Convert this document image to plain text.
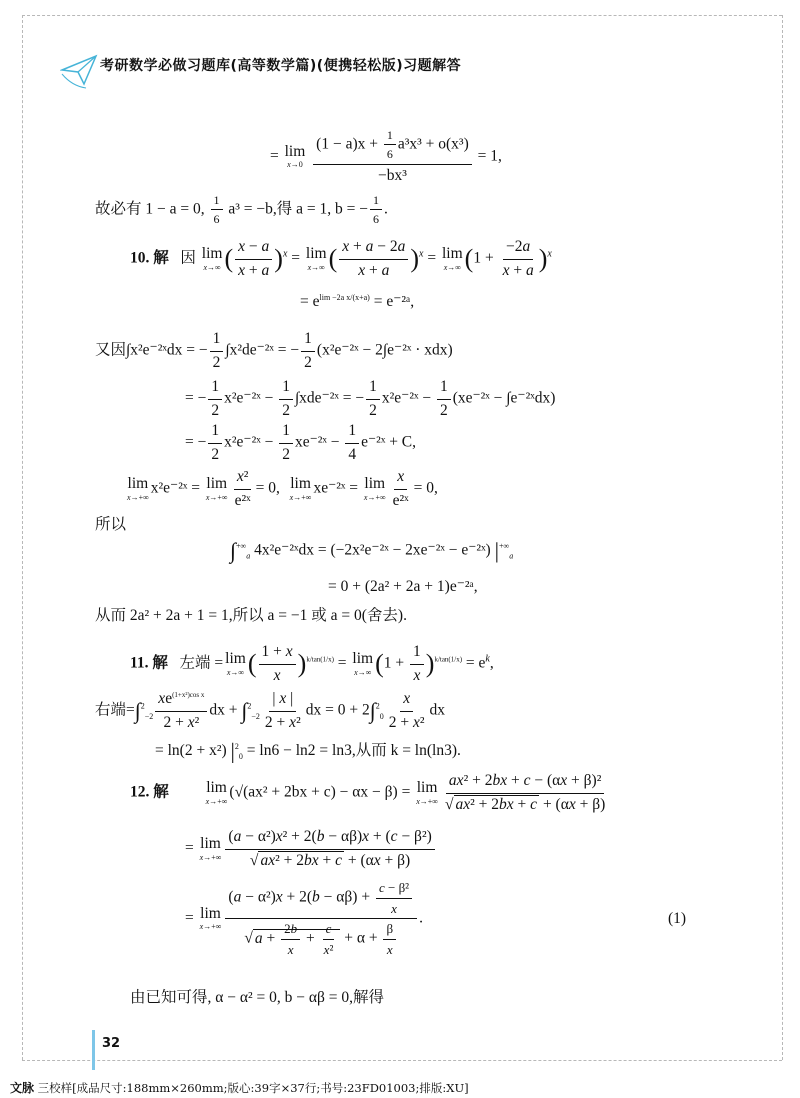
考研数学必做习题库(高等数学篇)(便携轻松版)习题解答
= lim
x→0
$\frac{(1 - a)x + \frac{1}{6} a^3x^3 + o(x^3)}{\text{−bx³}} = 1$,
故必有 1 − a = 0, $\frac{1}{6} a^3 = -b$,得 a = 1, b = − $\frac{1}{6}$ .
10. 解 因 lim
x→∞ ( $\frac{x - a}{x + a} )^x = \lim$
x→∞ ( $\frac{x + a - 2a}{x + a} )^x = \lim$
x→∞ $(1 + \frac{-2a}{x + a} )^x$
= $e^{lim -2a x/(x+a)}$ = e⁻²ᵃ,
又因∫x²e⁻²ˣdx = − $\frac{1}{2}$ ∫x²de⁻²ˣ = − $\frac{1}{2}$ (x²e⁻²ˣ − 2∫e⁻²ˣ · xdx)
= − $\frac{1}{2}$ x²e⁻²ˣ − $\frac{1}{2}$ ∫xde⁻²ˣ = − $\frac{1}{2}$ x²e⁻²ˣ − $\frac{1}{2}$ (xe⁻²ˣ − ∫e⁻²ˣdx)
= − $\frac{1}{2}$ x²e⁻²ˣ − $\frac{1}{2}$ xe⁻²ˣ − $\frac{1}{4}$ e⁻²ˣ + C,
lim
x→+∞
x²e⁻²ˣ = lim
$x\to+\infty \frac{\text{x²}}{\text{e²ˣ}} = 0$, lim
x→+∞
xe⁻²ˣ = lim
$x\to+\infty \frac{x}{\text{e²ˣ}} = 0$,
所以
$\int^{+\infty}_a$ 4x²e⁻²ˣdx = (−2x²e⁻²ˣ − 2xe⁻²ˣ − e⁻²ˣ) $|^{+\infty}_a$
= 0 + (2a² + 2a + 1)e⁻²ᵃ,
从而 2a² + 2a + 1 = 1,所以 a = −1 或 a = 0(舍去).
11. 解 左端 = lim
x→∞ ( $\frac{1 + x}{x} )^{k/tan(1/x)} = \lim$
x→∞ $(1 + \frac{1}{x} )^{k/tan(1/x)} = e^k$,
右端$=\int^2_{-2} \frac{xe^{(1+x^2)cos x}}{\text{2 + x²}}$ dx + $\int^2_{-2} \frac{| x |}{\text{2 + x²}}$ dx = $0 + 2\int^2_0 \frac{x}{\text{2 + x²}}$ dx
= ln(2 + x²) $|^2_0 = \ln 6 - \ln 2 = \ln 3$,从而 k = ln(ln3).
12. 解 lim
x→+∞
(√(ax² + 2bx + c) − αx − β) = lim
$x\to+\infty \frac{\text{ax² + 2bx + c − (αx + β)²}}{\text{√ ax² + 2bx + c + (αx + β)}}$
= lim
$x\to+\infty \frac{\text{(a − α²)x² + 2(b − αβ)x + (c − β²)}}{\text{√ ax² + 2bx + c + (αx + β)}}$
= lim
$x\to+\infty \frac{(a - \alpha^2)x + 2(b - \alpha\beta) + \frac{\text{c − β²}}{x}}{√ a + \frac{2b}{x} + \frac{c}{\text{x²}} + \alpha + \frac{\beta}{x}}$ .	(1)
由已知可得, α − α² = 0, b − αβ = 0,解得
32
文脉 三校样[成品尺寸:188mm×260mm;版心:39字×37行;书号:23FD01003;排版:XU]
